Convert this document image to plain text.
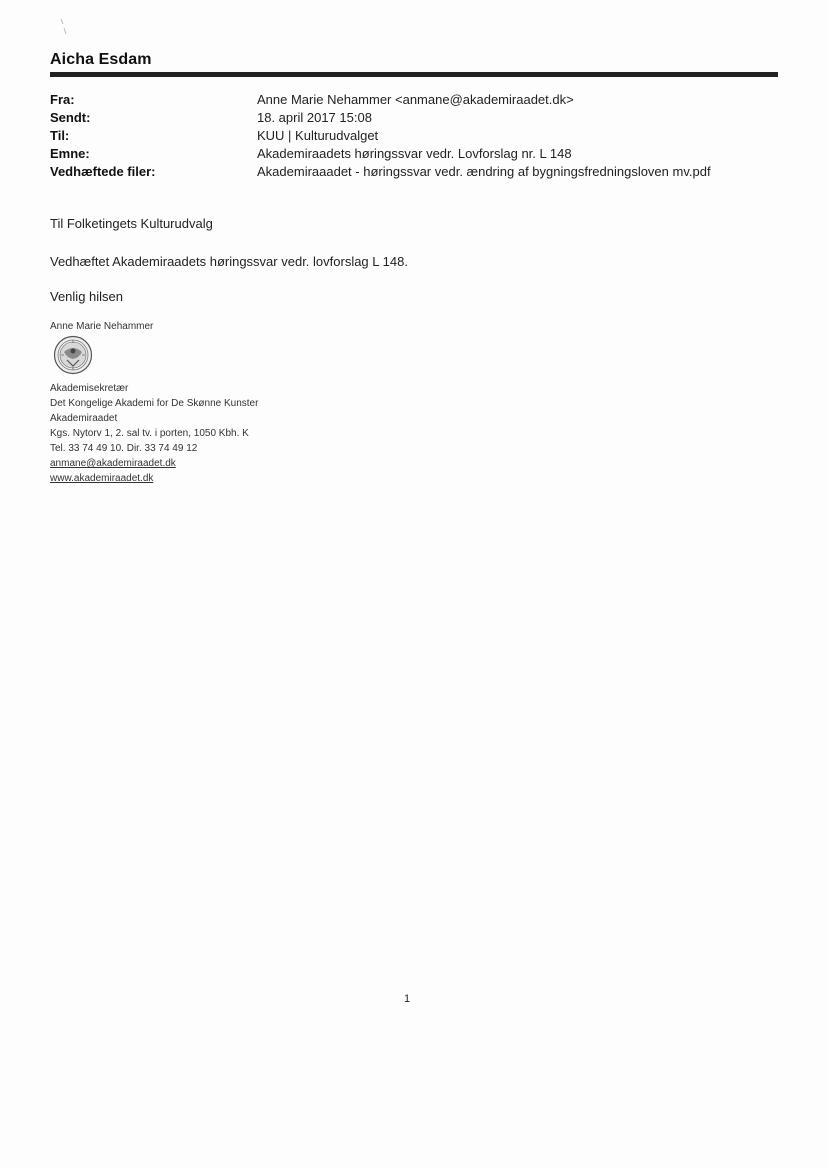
Aicha Esdam
Fra:	Anne Marie Nehammer <anmane@akademiraadet.dk>
Sendt:	18. april 2017 15:08
Til:	KUU | Kulturudvalget
Emne:	Akademiraadets høringssvar vedr. Lovforslag nr. L 148
Vedhæftede filer:	Akademiraaadet - høringssvar vedr. ændring af bygningsfredningsloven mv.pdf
Til Folketingets Kulturudvalg
Vedhæftet Akademiraadets høringssvar vedr. lovforslag L 148.
Venlig hilsen
Anne Marie Nehammer
Akademisekretær
Det Kongelige Akademi for De Skønne Kunster
Akademiraadet
Kgs. Nytorv 1, 2. sal tv. i porten, 1050 Kbh. K
Tel. 33 74 49 10. Dir. 33 74 49 12
anmane@akademiraadet.dk
www.akademiraadet.dk
1
